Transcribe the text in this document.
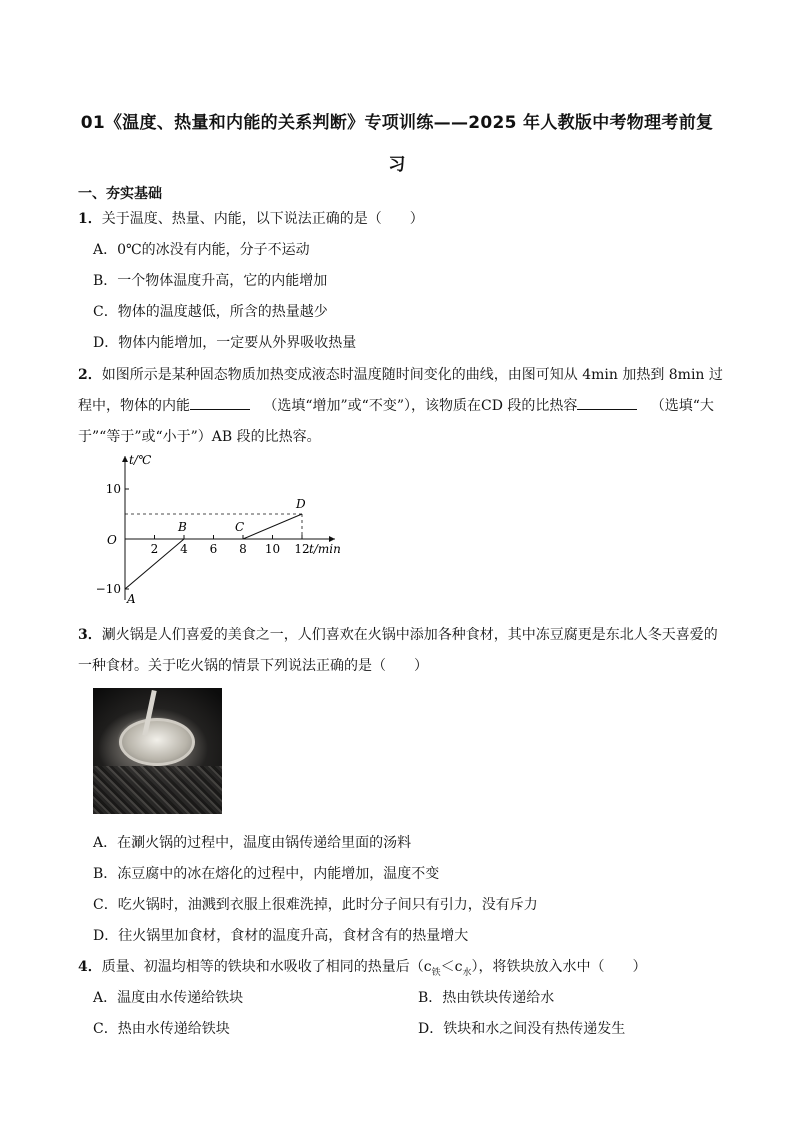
01《温度、热量和内能的关系判断》专项训练——2025 年人教版中考物理考前复
习
一、夯实基础
1．关于温度、热量、内能，以下说法正确的是（　　）
A．0℃的冰没有内能，分子不运动
B．一个物体温度升高，它的内能增加
C．物体的温度越低，所含的热量越少
D．物体内能增加，一定要从外界吸收热量
2．如图所示是某种固态物质加热变成液态时温度随时间变化的曲线，由图可知从 4min 加热到 8min 过
程中，物体的内能	（选填“增加”或“不变”），该物质在CD 段的比热容	（选填“大
于”“等于”或“小于”）AB 段的比热容。
t/℃
t/min
O
2 4 6 8 10 12
10
−10
A
B	C
D
3．涮火锅是人们喜爱的美食之一，人们喜欢在火锅中添加各种食材，其中冻豆腐更是东北人冬天喜爱的
一种食材。关于吃火锅的情景下列说法正确的是（　　）
A．在涮火锅的过程中，温度由锅传递给里面的汤料
B．冻豆腐中的冰在熔化的过程中，内能增加，温度不变
C．吃火锅时，油溅到衣服上很难洗掉，此时分子间只有引力，没有斥力
D．往火锅里加食材，食材的温度升高，食材含有的热量增大
4．质量、初温均相等的铁块和水吸收了相同的热量后$(c_铁<c_水)$，将铁块放入水中（　　）
A．温度由水传递给铁块	B．热由铁块传递给水
C．热由水传递给铁块	D．铁块和水之间没有热传递发生
